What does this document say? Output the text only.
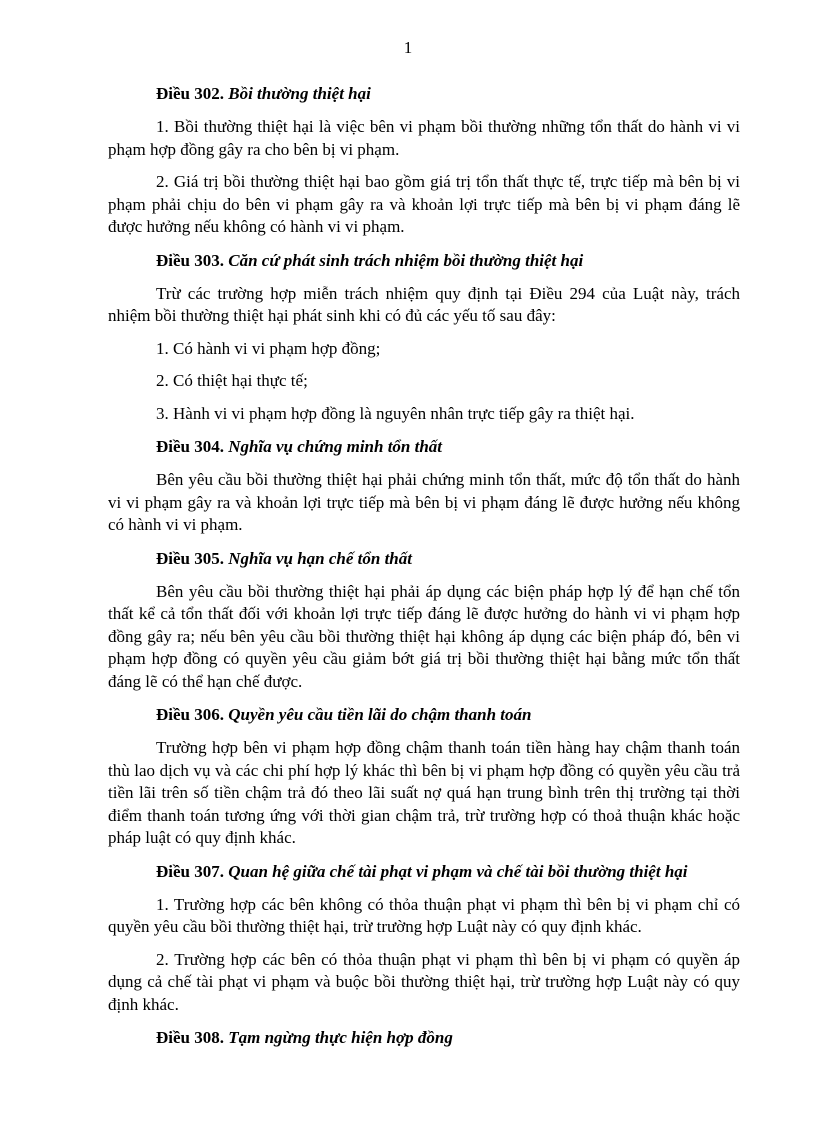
1

Điều 302. Bồi thường thiệt hại

1. Bồi thường thiệt hại là việc bên vi phạm bồi thường những tổn thất do hành vi vi phạm hợp đồng gây ra cho bên bị vi phạm.

2. Giá trị bồi thường thiệt hại bao gồm giá trị tổn thất thực tế, trực tiếp mà bên bị vi phạm phải chịu do bên vi phạm gây ra và khoản lợi trực tiếp mà bên bị vi phạm đáng lẽ được hưởng nếu không có hành vi vi phạm.

Điều 303. Căn cứ phát sinh trách nhiệm bồi thường thiệt hại

Trừ các trường hợp miễn trách nhiệm quy định tại Điều 294 của Luật này, trách nhiệm bồi thường thiệt hại phát sinh khi có đủ các yếu tố sau đây:

1. Có hành vi vi phạm hợp đồng;

2. Có thiệt hại thực tế;

3. Hành vi vi phạm hợp đồng là nguyên nhân trực tiếp gây ra thiệt hại.

Điều 304. Nghĩa vụ chứng minh tổn thất

Bên yêu cầu bồi thường thiệt hại phải chứng minh tổn thất, mức độ tổn thất do hành vi vi phạm gây ra và khoản lợi trực tiếp mà bên bị vi phạm đáng lẽ được hưởng nếu không có hành vi vi phạm.

Điều 305. Nghĩa vụ hạn chế tổn thất

Bên yêu cầu bồi thường thiệt hại phải áp dụng các biện pháp hợp lý để hạn chế tổn thất kể cả tổn thất đối với khoản lợi trực tiếp đáng lẽ được hưởng do hành vi vi phạm hợp đồng gây ra; nếu bên yêu cầu bồi thường thiệt hại không áp dụng các biện pháp đó, bên vi phạm hợp đồng có quyền yêu cầu giảm bớt giá trị bồi thường thiệt hại bằng mức tổn thất đáng lẽ có thể hạn chế được.

Điều 306. Quyền yêu cầu tiền lãi do chậm thanh toán

Trường hợp bên vi phạm hợp đồng chậm thanh toán tiền hàng hay chậm thanh toán thù lao dịch vụ và các chi phí hợp lý khác thì bên bị vi phạm hợp đồng có quyền yêu cầu trả tiền lãi trên số tiền chậm trả đó theo lãi suất nợ quá hạn trung bình trên thị trường tại thời điểm thanh toán tương ứng với thời gian chậm trả, trừ trường hợp có thoả thuận khác hoặc pháp luật có quy định khác.

Điều 307. Quan hệ giữa chế tài phạt vi phạm và chế tài bồi thường thiệt hại

1. Trường hợp các bên không có thỏa thuận phạt vi phạm thì bên bị vi phạm chỉ có quyền yêu cầu bồi thường thiệt hại, trừ trường hợp Luật này có quy định khác.

2. Trường hợp các bên có thỏa thuận phạt vi phạm thì bên bị vi phạm có quyền áp dụng cả chế tài phạt vi phạm và buộc bồi thường thiệt hại, trừ trường hợp Luật này có quy định khác.

Điều 308. Tạm ngừng thực hiện hợp đồng
